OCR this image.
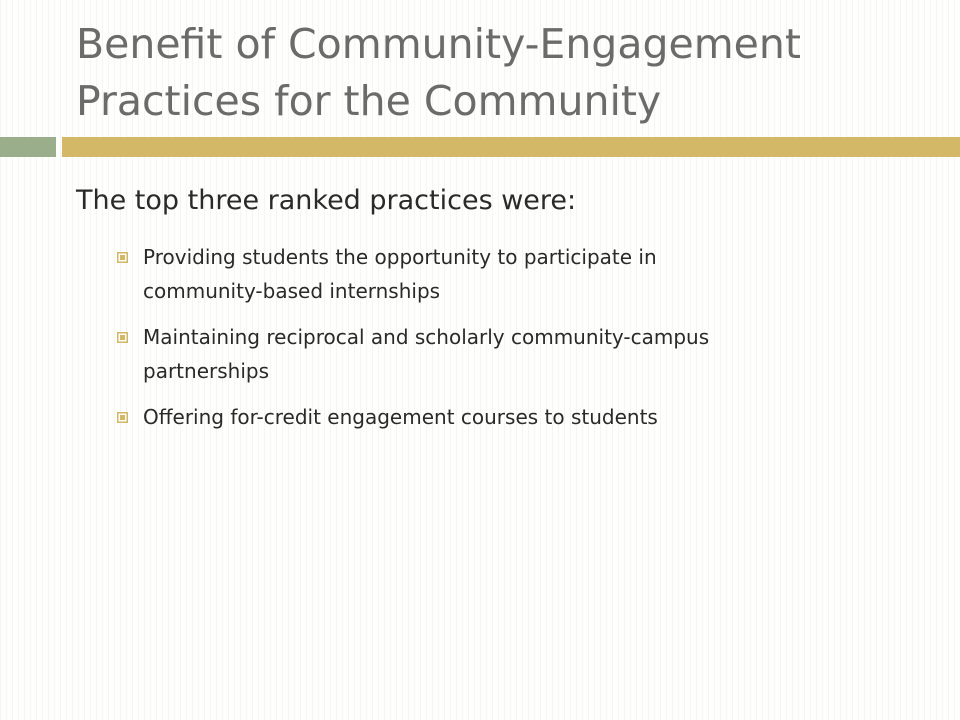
Benefit of Community-Engagement
Practices for the Community

The top three ranked practices were:

Providing students the opportunity to participate in
community-based internships
Maintaining reciprocal and scholarly community-campus
partnerships
Offering for-credit engagement courses to students
